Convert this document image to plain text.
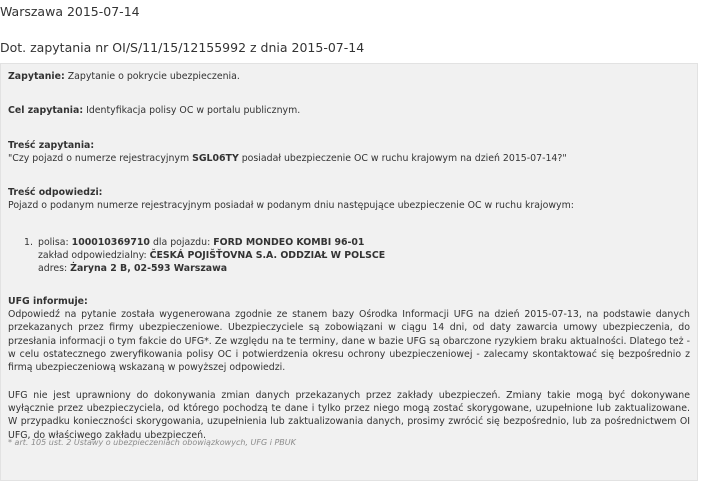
Warszawa 2015-07-14
Dot. zapytania nr OI/S/11/15/12155992 z dnia 2015-07-14
Zapytanie: Zapytanie o pokrycie ubezpieczenia.
Cel zapytania: Identyfikacja polisy OC w portalu publicznym.
Treść zapytania:
"Czy pojazd o numerze rejestracyjnym SGL06TY posiadał ubezpieczenie OC w ruchu krajowym na dzień 2015-07-14?"
Treść odpowiedzi:
Pojazd o podanym numerze rejestracyjnym posiadał w podanym dniu następujące ubezpieczenie OC w ruchu krajowym:
1. polisa: 100010369710 dla pojazdu: FORD MONDEO KOMBI 96-01
zakład odpowiedzialny: ČESKÁ POJIŠŤOVNA S.A. ODDZIAŁ W POLSCE
adres: Żaryna 2 B, 02-593 Warszawa
UFG informuje:
Odpowiedź na pytanie została wygenerowana zgodnie ze stanem bazy Ośrodka Informacji UFG na dzień 2015-07-13, na podstawie danych przekazanych przez firmy ubezpieczeniowe. Ubezpieczyciele są zobowiązani w ciągu 14 dni, od daty zawarcia umowy ubezpieczenia, do przesłania informacji o tym fakcie do UFG*. Ze względu na te terminy, dane w bazie UFG są obarczone ryzykiem braku aktualności. Dlatego też - w celu ostatecznego zweryfikowania polisy OC i potwierdzenia okresu ochrony ubezpieczeniowej - zalecamy skontaktować się bezpośrednio z firmą ubezpieczeniową wskazaną w powyższej odpowiedzi.
UFG nie jest uprawniony do dokonywania zmian danych przekazanych przez zakłady ubezpieczeń. Zmiany takie mogą być dokonywane wyłącznie przez ubezpieczyciela, od którego pochodzą te dane i tylko przez niego mogą zostać skorygowane, uzupełnione lub zaktualizowane. W przypadku konieczności skorygowania, uzupełnienia lub zaktualizowania danych, prosimy zwrócić się bezpośrednio, lub za pośrednictwem OI UFG, do właściwego zakładu ubezpieczeń.
* art. 105 ust. 2 Ustawy o ubezpieczeniach obowiązkowych, UFG i PBUK
